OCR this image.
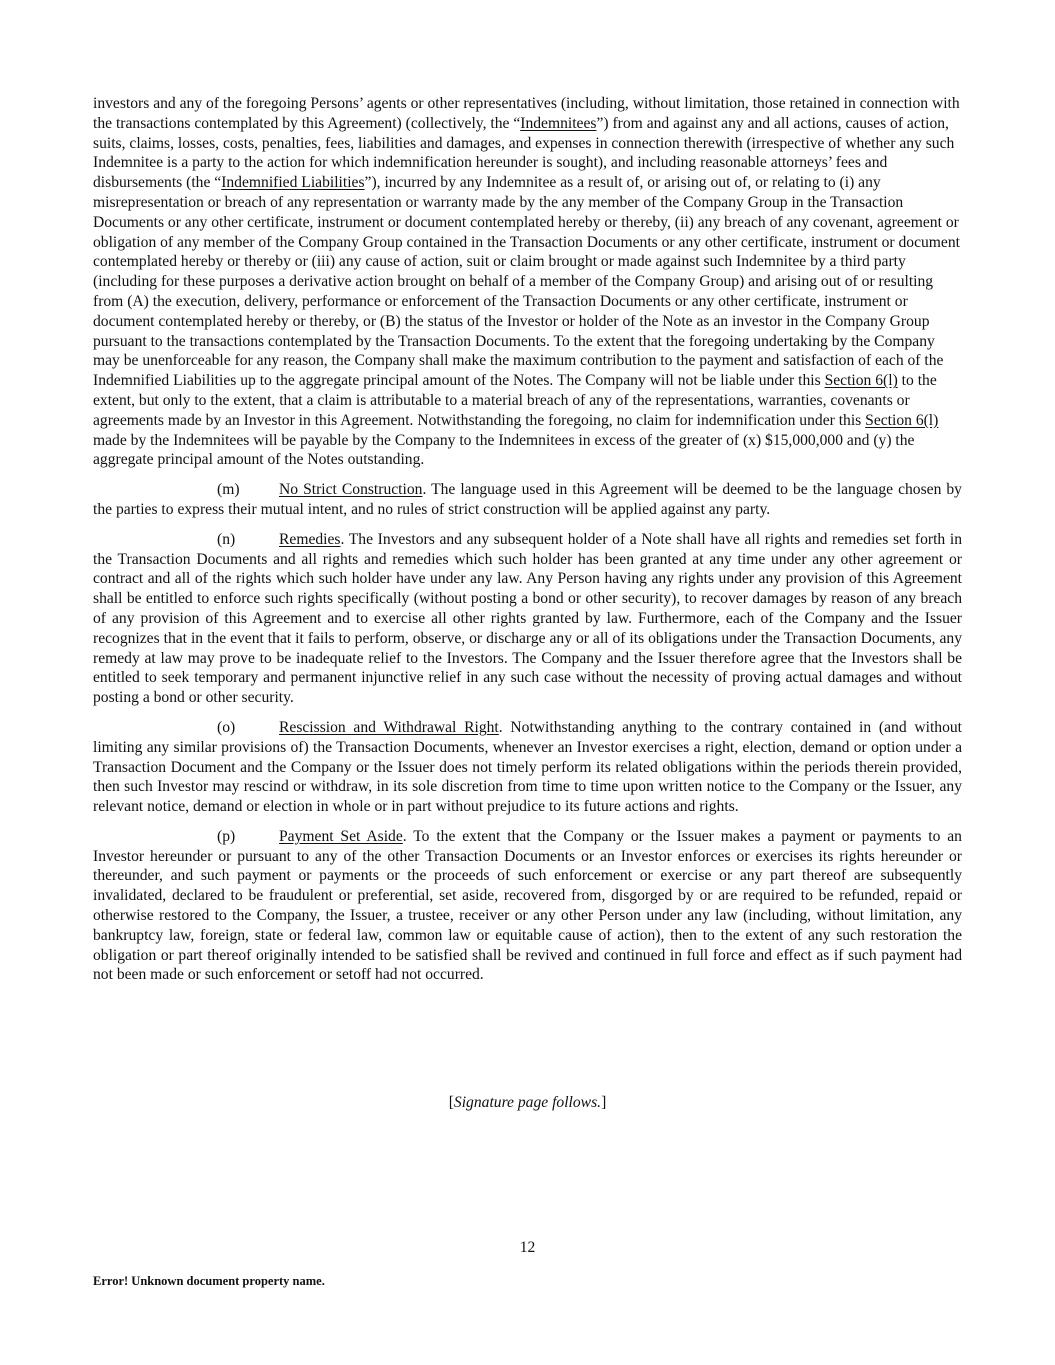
investors and any of the foregoing Persons’ agents or other representatives (including, without limitation, those retained in connection with the transactions contemplated by this Agreement) (collectively, the “Indemnitees”) from and against any and all actions, causes of action, suits, claims, losses, costs, penalties, fees, liabilities and damages, and expenses in connection therewith (irrespective of whether any such Indemnitee is a party to the action for which indemnification hereunder is sought), and including reasonable attorneys’ fees and disbursements (the “Indemnified Liabilities”), incurred by any Indemnitee as a result of, or arising out of, or relating to (i) any misrepresentation or breach of any representation or warranty made by the any member of the Company Group in the Transaction Documents or any other certificate, instrument or document contemplated hereby or thereby, (ii) any breach of any covenant, agreement or obligation of any member of the Company Group contained in the Transaction Documents or any other certificate, instrument or document contemplated hereby or thereby or (iii) any cause of action, suit or claim brought or made against such Indemnitee by a third party (including for these purposes a derivative action brought on behalf of a member of the Company Group) and arising out of or resulting from (A) the execution, delivery, performance or enforcement of the Transaction Documents or any other certificate, instrument or document contemplated hereby or thereby, or (B) the status of the Investor or holder of the Note as an investor in the Company Group pursuant to the transactions contemplated by the Transaction Documents. To the extent that the foregoing undertaking by the Company may be unenforceable for any reason, the Company shall make the maximum contribution to the payment and satisfaction of each of the Indemnified Liabilities up to the aggregate principal amount of the Notes. The Company will not be liable under this Section 6(l) to the extent, but only to the extent, that a claim is attributable to a material breach of any of the representations, warranties, covenants or agreements made by an Investor in this Agreement. Notwithstanding the foregoing, no claim for indemnification under this Section 6(l) made by the Indemnitees will be payable by the Company to the Indemnitees in excess of the greater of (x) $15,000,000 and (y) the aggregate principal amount of the Notes outstanding.

(m)	No Strict Construction. The language used in this Agreement will be deemed to be the language chosen by the parties to express their mutual intent, and no rules of strict construction will be applied against any party.

(n)	Remedies. The Investors and any subsequent holder of a Note shall have all rights and remedies set forth in the Transaction Documents and all rights and remedies which such holder has been granted at any time under any other agreement or contract and all of the rights which such holder have under any law. Any Person having any rights under any provision of this Agreement shall be entitled to enforce such rights specifically (without posting a bond or other security), to recover damages by reason of any breach of any provision of this Agreement and to exercise all other rights granted by law. Furthermore, each of the Company and the Issuer recognizes that in the event that it fails to perform, observe, or discharge any or all of its obligations under the Transaction Documents, any remedy at law may prove to be inadequate relief to the Investors. The Company and the Issuer therefore agree that the Investors shall be entitled to seek temporary and permanent injunctive relief in any such case without the necessity of proving actual damages and without posting a bond or other security.

(o)	Rescission and Withdrawal Right. Notwithstanding anything to the contrary contained in (and without limiting any similar provisions of) the Transaction Documents, whenever an Investor exercises a right, election, demand or option under a Transaction Document and the Company or the Issuer does not timely perform its related obligations within the periods therein provided, then such Investor may rescind or withdraw, in its sole discretion from time to time upon written notice to the Company or the Issuer, any relevant notice, demand or election in whole or in part without prejudice to its future actions and rights.

(p)	Payment Set Aside. To the extent that the Company or the Issuer makes a payment or payments to an Investor hereunder or pursuant to any of the other Transaction Documents or an Investor enforces or exercises its rights hereunder or thereunder, and such payment or payments or the proceeds of such enforcement or exercise or any part thereof are subsequently invalidated, declared to be fraudulent or preferential, set aside, recovered from, disgorged by or are required to be refunded, repaid or otherwise restored to the Company, the Issuer, a trustee, receiver or any other Person under any law (including, without limitation, any bankruptcy law, foreign, state or federal law, common law or equitable cause of action), then to the extent of any such restoration the obligation or part thereof originally intended to be satisfied shall be revived and continued in full force and effect as if such payment had not been made or such enforcement or setoff had not occurred.

[Signature page follows.]
12
Error! Unknown document property name.
